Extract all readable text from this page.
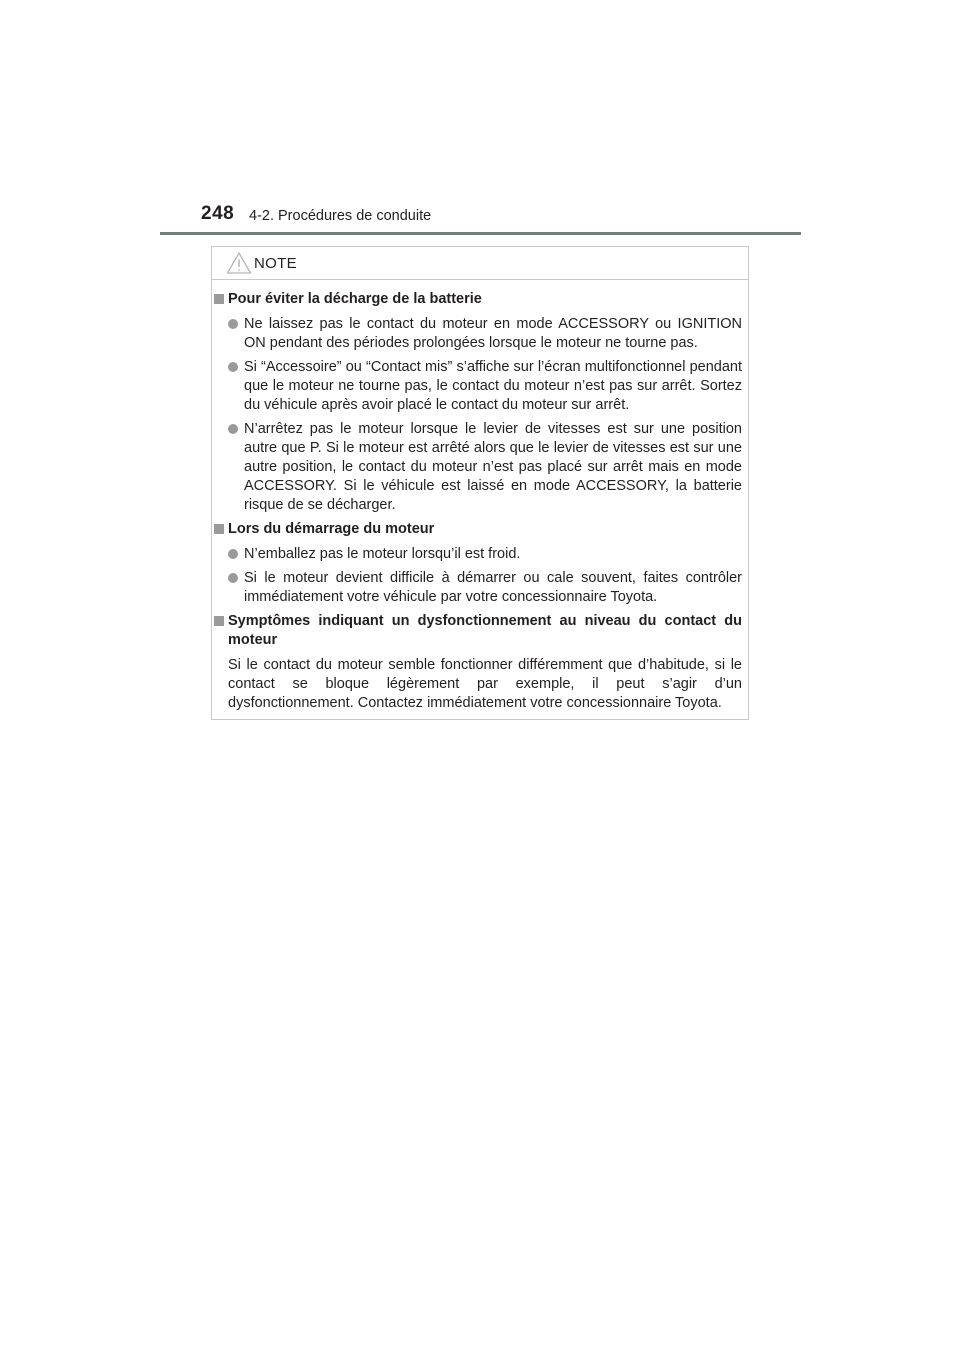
248 4-2. Procédures de conduite
NOTE
Pour éviter la décharge de la batterie
Ne laissez pas le contact du moteur en mode ACCESSORY ou IGNITION ON pendant des périodes prolongées lorsque le moteur ne tourne pas.
Si “Accessoire” ou “Contact mis” s’affiche sur l’écran multifonctionnel pendant que le moteur ne tourne pas, le contact du moteur n’est pas sur arrêt. Sortez du véhicule après avoir placé le contact du moteur sur arrêt.
N’arrêtez pas le moteur lorsque le levier de vitesses est sur une position autre que P. Si le moteur est arrêté alors que le levier de vitesses est sur une autre position, le contact du moteur n’est pas placé sur arrêt mais en mode ACCESSORY. Si le véhicule est laissé en mode ACCESSORY, la batterie risque de se décharger.
Lors du démarrage du moteur
N’emballez pas le moteur lorsqu’il est froid.
Si le moteur devient difficile à démarrer ou cale souvent, faites contrôler immédiatement votre véhicule par votre concessionnaire Toyota.
Symptômes indiquant un dysfonctionnement au niveau du contact du moteur
Si le contact du moteur semble fonctionner différemment que d’habitude, si le contact se bloque légèrement par exemple, il peut s’agir d’un dysfonctionnement. Contactez immédiatement votre concessionnaire Toyota.
